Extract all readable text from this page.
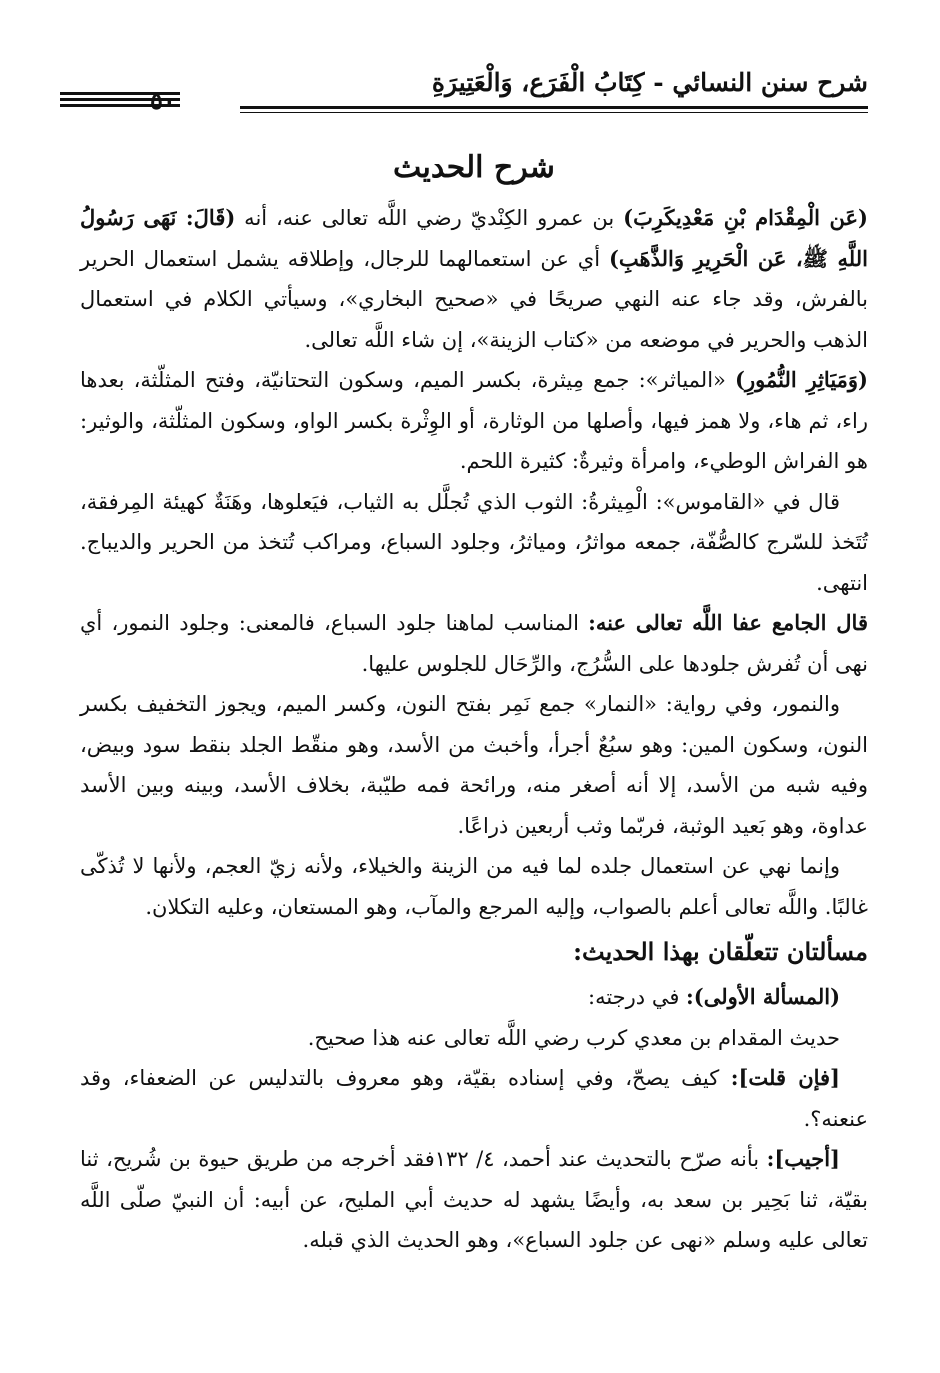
شرح سنن النسائي - كِتَابُ الْفَرَع، وَالْعَتِيرَةِ
شرح الحديث

(عَن الْمِقْدَام بْنِ مَعْدِيكَرِبَ) بن عمرو الكِنْديّ رضي اللَّه تعالى عنه، أنه (قَالَ: نَهَى رَسُولُ اللَّهِ ﷺ، عَن الْحَرِيرِ وَالذَّهَبِ) أي عن استعمالهما للرجال، وإطلاقه يشمل استعمال الحرير بالفرش، وقد جاء عنه النهي صريحًا في «صحيح البخاري»، وسيأتي الكلام في استعمال الذهب والحرير في موضعه من «كتاب الزينة»، إن شاء اللَّه تعالى.

(وَمَيَاثِرِ النُّمُورِ) «المياثر»: جمع مِيثرة، بكسر الميم، وسكون التحتانيّة، وفتح المثلّثة، بعدها راء، ثم هاء، ولا همز فيها، وأصلها من الوثارة، أو الوِثْرة بكسر الواو، وسكون المثلّثة، والوثير: هو الفراش الوطيء، وامرأة وثيرةٌ: كثيرة اللحم.

قال في «القاموس»: الْمِيثرةُ: الثوب الذي تُجلَّل به الثياب، فيَعلوها، وهَنَةٌ كهيئة المِرفقة، تُتَخذ للسّرج كالصُّفّة، جمعه مواثرُ، ومياثرُ، وجلود السباع، ومراكب تُتخذ من الحرير والديباج. انتهى.

قال الجامع عفا اللَّه تعالى عنه: المناسب لماهنا جلود السباع، فالمعنى: وجلود النمور، أي نهى أن تُفرش جلودها على السُّرُج، والرِّحَال للجلوس عليها.

والنمور، وفي رواية: «النمار» جمع نَمِر بفتح النون، وكسر الميم، ويجوز التخفيف بكسر النون، وسكون المين: وهو سبُعٌ أجرأ، وأخبث من الأسد، وهو منقّط الجلد بنقط سود وبيض، وفيه شبه من الأسد، إلا أنه أصغر منه، ورائحة فمه طيّبة، بخلاف الأسد، وبينه وبين الأسد عداوة، وهو بَعيد الوثبة، فربّما وثب أربعين ذراعًا.

وإنما نهي عن استعمال جلده لما فيه من الزينة والخيلاء، ولأنه زيّ العجم، ولأنها لا تُذكّى غالبًا. واللَّه تعالى أعلم بالصواب، وإليه المرجع والمآب، وهو المستعان، وعليه التكلان.

مسألتان تتعلّقان بهذا الحديث:

(المسألة الأولى): في درجته:

حديث المقدام بن معدي كرب رضي اللَّه تعالى عنه هذا صحيح.

[فإن قلت]: كيف يصحّ، وفي إسناده بقيّة، وهو معروف بالتدليس عن الضعفاء، وقد عنعنه؟.

[أجيب]: بأنه صرّح بالتحديث عند أحمد، ٤/ ١٣٢فقد أخرجه من طريق حيوة بن شُريح، ثنا بقيّة، ثنا بَحِير بن سعد به، وأيضًا يشهد له حديث أبي المليح، عن أبيه: أن النبيّ صلّى اللَّه تعالى عليه وسلم «نهى عن جلود السباع»، وهو الحديث الذي قبله.
